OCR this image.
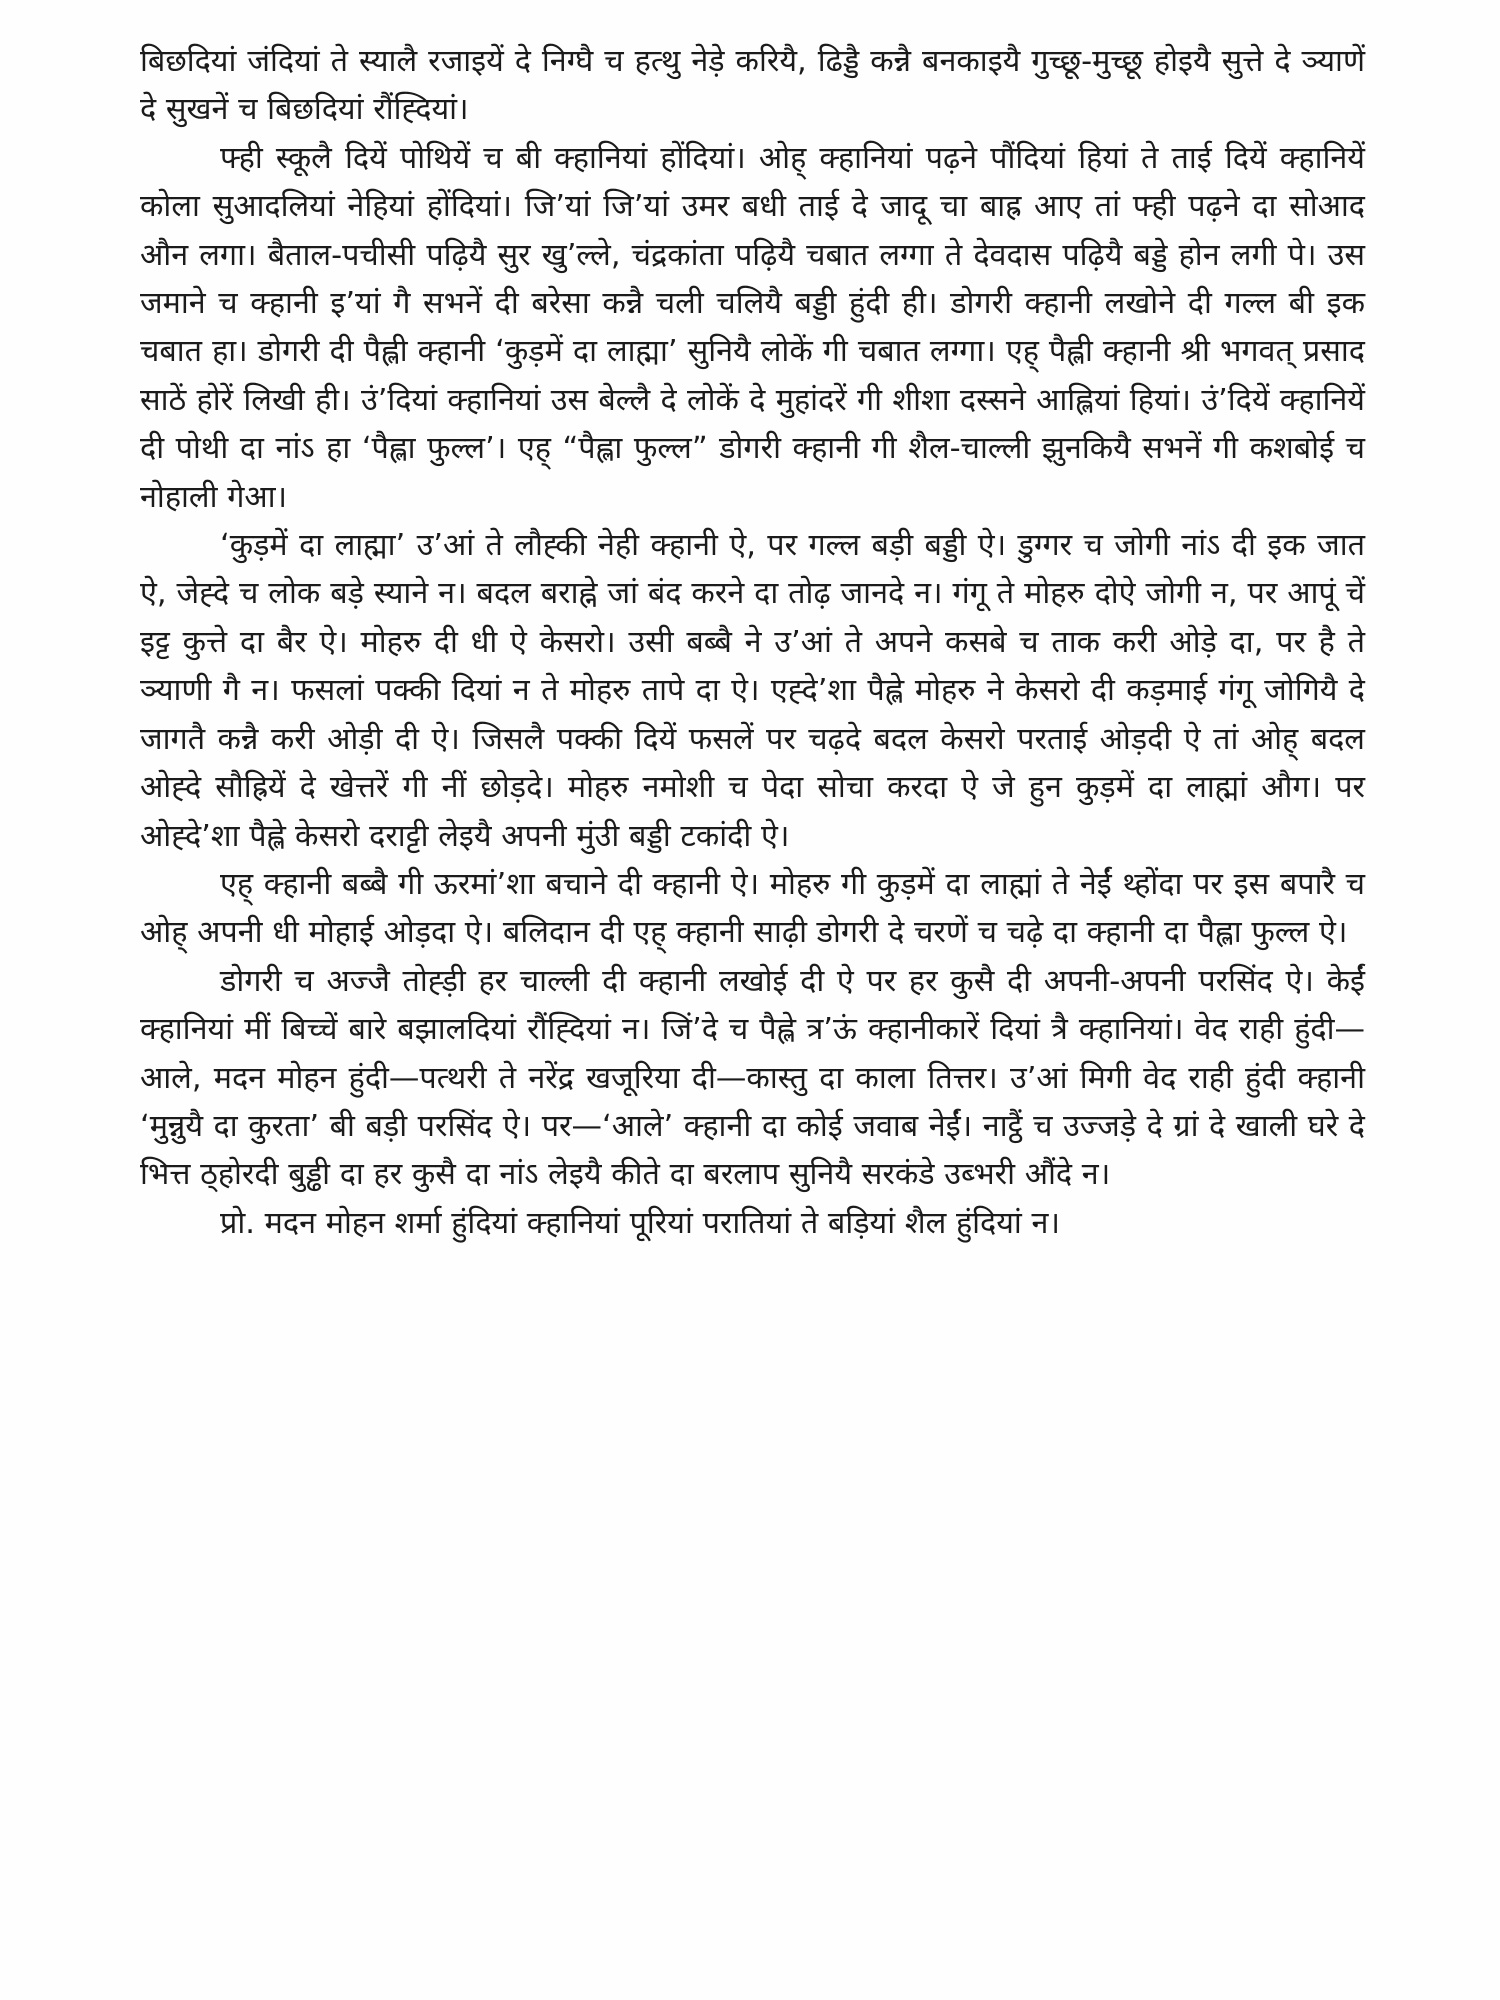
बिछदियां जंदियां ते स्यालै रजाइयें दे निग्घै च हत्थु नेड़े करियै, ढिड्डै कन्नै बनकाइयै गुच्छू-मुच्छू होइयै सुत्ते दे ञ्याणें दे सुखनें च बिछदियां रौंह्दियां।

फ्ही स्कूलै दियें पोथियें च बी क्हानियां होंदियां। ओह् क्हानियां पढ़ने पौंदियां हियां ते ताई दियें क्हानियें कोला सुआदलियां नेहियां होंदियां। जि’यां जि’यां उमर बधी ताई दे जादू चा बाह्र आए तां फ्ही पढ़ने दा सोआद औन लगा। बैताल-पचीसी पढ़ियै सुर खु’ल्ले, चंद्रकांता पढ़ियै चबात लग्गा ते देवदास पढ़ियै बड्डे होन लगी पे। उस जमाने च क्हानी इ’यां गै सभनें दी बरेसा कन्नै चली चलियै बड्डी हुंदी ही। डोगरी क्हानी लखोने दी गल्ल बी इक चबात हा। डोगरी दी पैह्ली क्हानी ‘कुड़में दा लाह्मा’ सुनियै लोकें गी चबात लग्गा। एह् पैह्ली क्हानी श्री भगवत् प्रसाद साठें होरें लिखी ही। उं’दियां क्हानियां उस बेल्लै दे लोकें दे मुहांदरें गी शीशा दस्सने आह्लियां हियां। उं’दियें क्हानियें दी पोथी दा नांऽ हा ‘पैह्ला फुल्ल’। एह् “पैह्ला फुल्ल” डोगरी क्हानी गी शैल-चाल्ली झुनकियै सभनें गी कशबोई च नोहाली गेआ।

‘कुड़में दा लाह्मा’ उ’आं ते लौह्की नेही क्हानी ऐ, पर गल्ल बड़ी बड्डी ऐ। डुग्गर च जोगी नांऽ दी इक जात ऐ, जेह्दे च लोक बड़े स्याने न। बदल बराह्ने जां बंद करने दा तोढ़ जानदे न। गंगू ते मोहरु दोऐ जोगी न, पर आपूं चें इट्ट कुत्ते दा बैर ऐ। मोहरु दी धी ऐ केसरो। उसी बब्बै ने उ’आं ते अपने कसबे च ताक करी ओड़े दा, पर है ते ञ्याणी गै न। फसलां पक्की दियां न ते मोहरु तापे दा ऐ। एह्दे’शा पैह्ले मोहरु ने केसरो दी कड़माई गंगू जोगियै दे जागतै कन्नै करी ओड़ी दी ऐ। जिसलै पक्की दियें फसलें पर चढ़दे बदल केसरो परताई ओड़दी ऐ तां ओह् बदल ओह्दे सौह्रियें दे खेत्तरें गी नीं छोड़दे। मोहरु नमोशी च पेदा सोचा करदा ऐ जे हुन कुड़में दा लाह्मां औग। पर ओह्दे’शा पैह्ले केसरो दराट्टी लेइयै अपनी मुंउी बड्डी टकांदी ऐ।

एह् क्हानी बब्बै गी ऊरमां’शा बचाने दी क्हानी ऐ। मोहरु गी कुड़में दा लाह्मां ते नेईं थ्होंदा पर इस बपारै च ओह् अपनी धी मोहाई ओड़दा ऐ। बलिदान दी एह् क्हानी साढ़ी डोगरी दे चरणें च चढ़े दा क्हानी दा पैह्ला फुल्ल ऐ।

डोगरी च अज्जै तोह्ड़ी हर चाल्ली दी क्हानी लखोई दी ऐ पर हर कुसै दी अपनी-अपनी परसिंद ऐ। केईं क्हानियां मीं बिच्चें बारे बझालदियां रौंह्दियां न। जिं’दे च पैह्ले त्र’ऊं क्हानीकारें दियां त्रै क्हानियां। वेद राही हुंदी—आले, मदन मोहन हुंदी—पत्थरी ते नरेंद्र खजूरिया दी—कास्तु दा काला तित्तर। उ’आं मिगी वेद राही हुंदी क्हानी ‘मुन्नुयै दा कुरता’ बी बड़ी परसिंद ऐ। पर—‘आले’ क्हानी दा कोई जवाब नेईं। नाट्ठैं च उज्जड़े दे ग्रां दे खाली घरे दे भित्त ठ्होरदी बुड्ढी दा हर कुसै दा नांऽ लेइयै कीते दा बरलाप सुनियै सरकंडे उब्भरी औंदे न।

प्रो. मदन मोहन शर्मा हुंदियां क्हानियां पूरियां परातियां ते बड़ियां शैल हुंदियां न।
